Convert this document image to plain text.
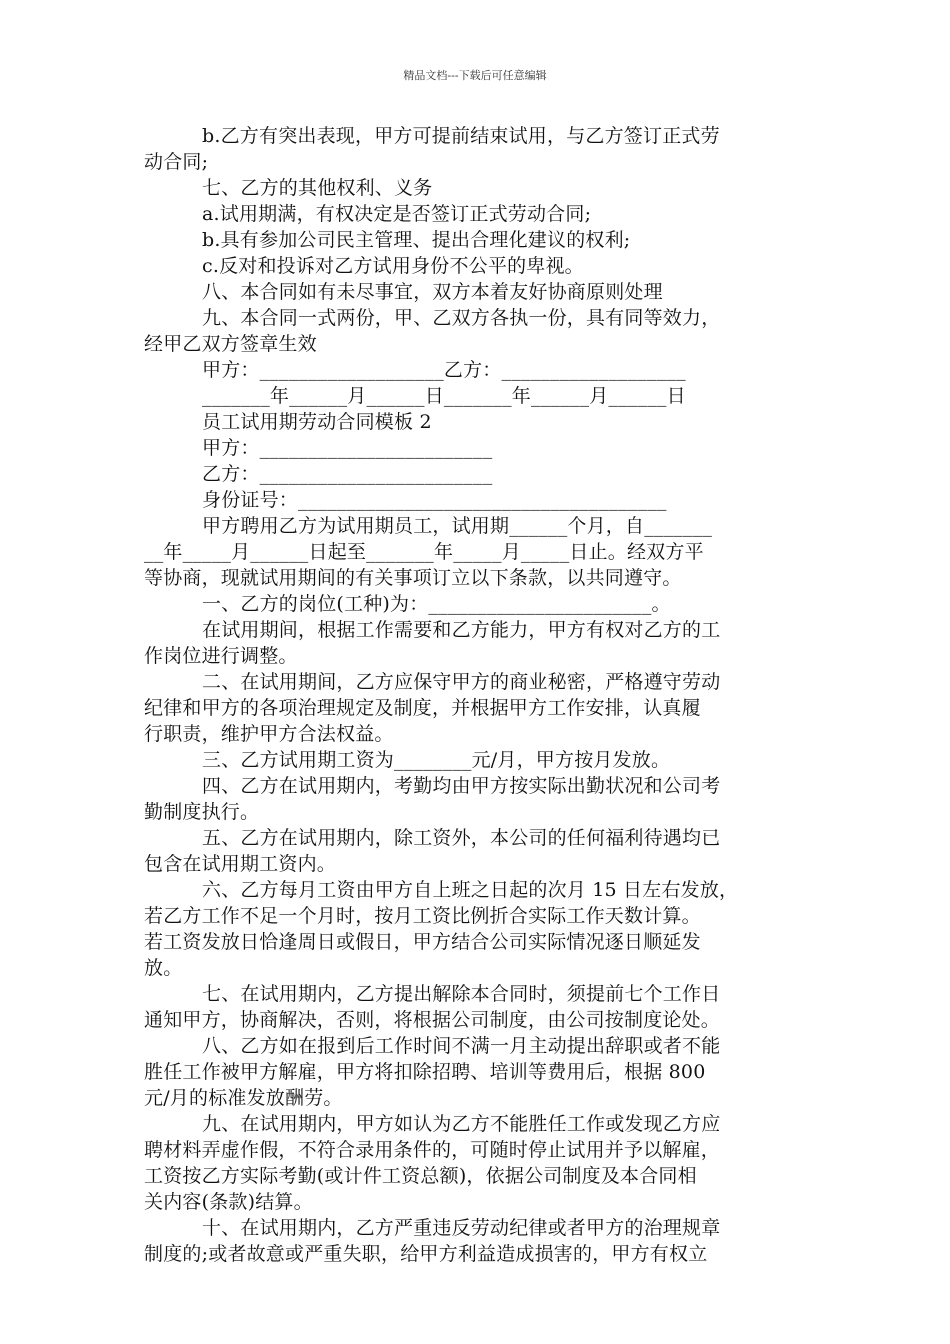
精品文档---下载后可任意编辑
b.乙方有突出表现，甲方可提前结束试用，与乙方签订正式劳
动合同;
七、乙方的其他权利、义务
a.试用期满，有权决定是否签订正式劳动合同;
b.具有参加公司民主管理、提出合理化建议的权利;
c.反对和投诉对乙方试用身份不公平的卑视。
八、本合同如有未尽事宜，双方本着友好协商原则处理
九、本合同一式两份，甲、乙双方各执一份，具有同等效力，
经甲乙双方签章生效
甲方：___________________乙方：___________________
_______年______月______日_______年______月______日
员工试用期劳动合同模板 2
甲方：________________________
乙方：________________________
身份证号：______________________________________
甲方聘用乙方为试用期员工，试用期______个月，自_______
__年_____月______日起至_______年_____月_____日止。经双方平
等协商，现就试用期间的有关事项订立以下条款，以共同遵守。
一、乙方的岗位(工种)为：_______________________。
在试用期间，根据工作需要和乙方能力，甲方有权对乙方的工
作岗位进行调整。
二、在试用期间，乙方应保守甲方的商业秘密，严格遵守劳动
纪律和甲方的各项治理规定及制度，并根据甲方工作安排，认真履
行职责，维护甲方合法权益。
三、乙方试用期工资为________元/月，甲方按月发放。
四、乙方在试用期内，考勤均由甲方按实际出勤状况和公司考
勤制度执行。
五、乙方在试用期内，除工资外，本公司的任何福利待遇均已
包含在试用期工资内。
六、乙方每月工资由甲方自上班之日起的次月 15 日左右发放，
若乙方工作不足一个月时，按月工资比例折合实际工作天数计算。
若工资发放日恰逢周日或假日，甲方结合公司实际情况逐日顺延发
放。
七、在试用期内，乙方提出解除本合同时，须提前七个工作日
通知甲方，协商解决，否则，将根据公司制度，由公司按制度论处。
八、乙方如在报到后工作时间不满一月主动提出辞职或者不能
胜任工作被甲方解雇，甲方将扣除招聘、培训等费用后，根据 800
元/月的标准发放酬劳。
九、在试用期内，甲方如认为乙方不能胜任工作或发现乙方应
聘材料弄虚作假，不符合录用条件的，可随时停止试用并予以解雇，
工资按乙方实际考勤(或计件工资总额)，依据公司制度及本合同相
关内容(条款)结算。
十、在试用期内，乙方严重违反劳动纪律或者甲方的治理规章
制度的;或者故意或严重失职，给甲方利益造成损害的，甲方有权立
